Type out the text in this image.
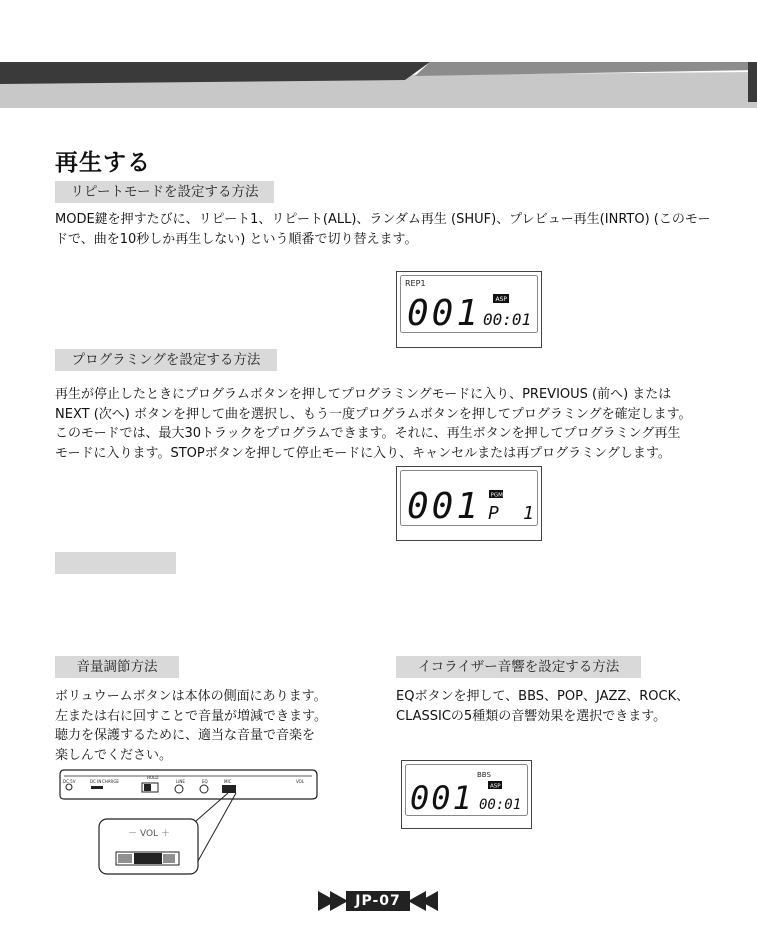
再生する
リピートモードを設定する方法
MODE鍵を押すたびに、リピート1、リピート(ALL)、ランダム再生 (SHUF)、プレビュー再生(INRTO) (このモー
ドで、曲を10秒しか再生しない) という順番で切り替えます。
REP1
001 ASP
00:01
プログラミングを設定する方法
再生が停止したときにプログラムボタンを押してプログラミングモードに入り、PREVIOUS (前へ) または
NEXT (次へ) ボタンを押して曲を選択し、もう一度プログラムボタンを押してプログラミングを確定します。
このモードでは、最大30トラックをプログラムできます。それに、再生ボタンを押してプログラミング再生
モードに入ります。STOPボタンを押して停止モードに入り、キャンセルまたは再プログラミングします。
001 PGM
P 1
音量調節方法
ボリュウームボタンは本体の側面にあります。
左または右に回すことで音量が増減できます。
聴力を保護するために、適当な音量で音楽を
楽しんでください。
DC 5V	DC IN CHARGE
HOLD
LINE	EQ	MIC	VOL
－ VOL ＋
イコライザー音響を設定する方法
EQボタンを押して、BBS、POP、JAZZ、ROCK、
CLASSICの5種類の音響効果を選択できます。
BBS
001	ASP
00:01
JP-07
